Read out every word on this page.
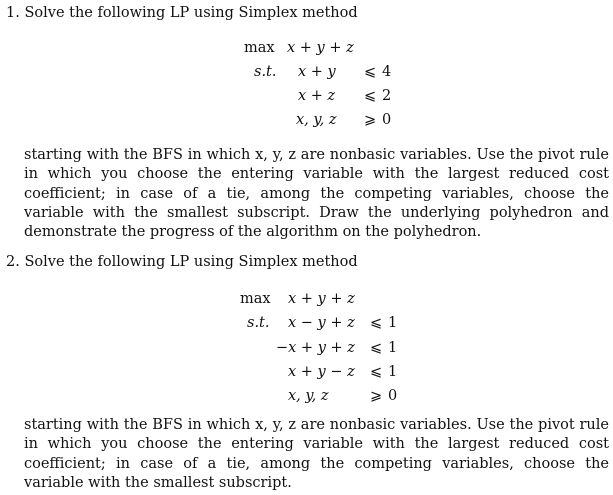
1. Solve the following LP using Simplex method
max x + y + z
s.t. x + y ⩽ 4
x + z ⩽ 2
x, y, z ⩾ 0

starting with the BFS in which x, y, z are nonbasic variables. Use the pivot rule in which you choose the entering variable with the largest reduced cost coefficient; in case of a tie, among the competing variables, choose the variable with the smallest subscript. Draw the underlying polyhedron and demonstrate the progress of the algorithm on the polyhedron.

2. Solve the following LP using Simplex method
max x + y + z
s.t. x − y + z ⩽ 1
−x + y + z ⩽ 1
x + y − z ⩽ 1
x, y, z	⩾ 0

starting with the BFS in which x, y, z are nonbasic variables. Use the pivot rule in which you choose the entering variable with the largest reduced cost coefficient; in case of a tie, among the competing variables, choose the variable with the smallest subscript.
